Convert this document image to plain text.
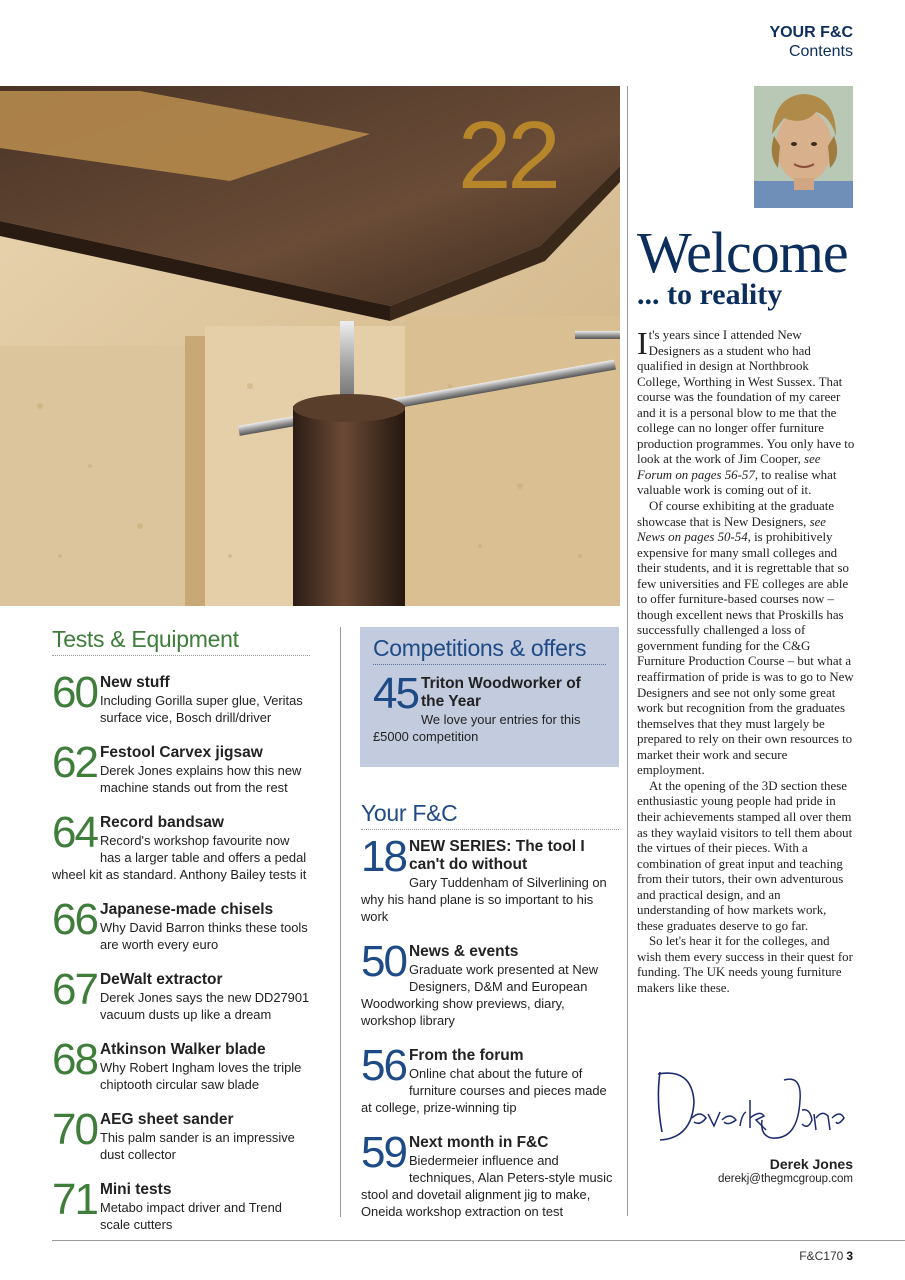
YOUR F&C
Contents
22
Welcome
... to reality

It's years since I attended New Designers as a student who had qualified in design at Northbrook College, Worthing in West Sussex. That course was the foundation of my career and it is a personal blow to me that the college can no longer offer furniture production programmes. You only have to look at the work of Jim Cooper, see Forum on pages 56-57, to realise what valuable work is coming out of it.

Of course exhibiting at the graduate showcase that is New Designers, see News on pages 50-54, is prohibitively expensive for many small colleges and their students, and it is regrettable that so few universities and FE colleges are able to offer furniture-based courses now – though excellent news that Proskills has successfully challenged a loss of government funding for the C&G Furniture Production Course – but what a reaffirmation of pride is was to go to New Designers and see not only some great work but recognition from the graduates themselves that they must largely be prepared to rely on their own resources to market their work and secure employment.

At the opening of the 3D section these enthusiastic young people had pride in their achievements stamped all over them as they waylaid visitors to tell them about the virtues of their pieces. With a combination of great input and teaching from their tutors, their own adventurous and practical design, and an understanding of how markets work, these graduates deserve to go far.

So let's hear it for the colleges, and wish them every success in their quest for funding. The UK needs young furniture makers like these.

Derek Jones
derekj@thegmcgroup.com
Tests & Equipment
60 New stuff
Including Gorilla super glue, Veritas surface vice, Bosch drill/driver
62 Festool Carvex jigsaw
Derek Jones explains how this new machine stands out from the rest
64 Record bandsaw
Record's workshop favourite now has a larger table and offers a pedal wheel kit as standard. Anthony Bailey tests it
66 Japanese-made chisels
Why David Barron thinks these tools are worth every euro
67 DeWalt extractor
Derek Jones says the new DD27901 vacuum dusts up like a dream
68 Atkinson Walker blade
Why Robert Ingham loves the triple chiptooth circular saw blade
70 AEG sheet sander
This palm sander is an impressive dust collector
71 Mini tests
Metabo impact driver and Trend scale cutters
Competitions & offers
45 Triton Woodworker of the Year
We love your entries for this £5000 competition
Your F&C
18 NEW SERIES: The tool I can't do without
Gary Tuddenham of Silverlining on why his hand plane is so important to his work
50 News & events
Graduate work presented at New Designers, D&M and European Woodworking show previews, diary, workshop library
56 From the forum
Online chat about the future of furniture courses and pieces made at college, prize-winning tip
59 Next month in F&C
Biedermeier influence and techniques, Alan Peters-style music stool and dovetail alignment jig to make, Oneida workshop extraction on test
F&C170 3
